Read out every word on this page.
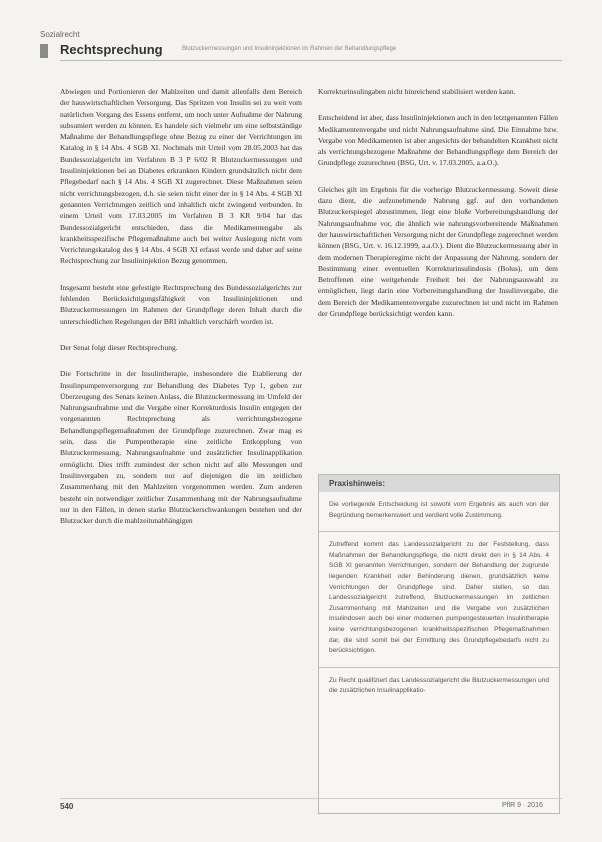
Sozialrecht
Rechtsprechung	Blutzuckermessungen und Insulininjektionen im Rahmen der Behandlungspflege

Abwiegen und Portionieren der Mahlzeiten und damit allenfalls dem Bereich der hauswirtschaftlichen Versorgung. Das Spritzen von Insulin sei zu weit vom natürlichen Vorgang des Essens entfernt, um noch unter Aufnahme der Nahrung subsumiert werden zu können. Es handele sich vielmehr um eine selbstständige Maßnahme der Behandlungspflege ohne Bezug zu einer der Verrichtungen im Katalog in § 14 Abs. 4 SGB XI. Nochmals mit Urteil vom 28.05.2003 hat das Bundessozialgericht im Verfahren B 3 P 6/02 R Blutzuckermessungen und Insulininjektionen bei an Diabetes erkrankten Kindern grundsätzlich nicht dem Pflegebedarf nach § 14 Abs. 4 SGB XI zugerechnet. Diese Maßnahmen seien nicht verrichtungsbezogen, d.h. sie seien nicht einer der in § 14 Abs. 4 SGB XI genannten Verrichtungen zeitlich und inhaltlich nicht zwingend verbunden. In einem Urteil vom 17.03.2005 im Verfahren B 3 KR 9/04 hat das Bundessozialgericht entschieden, dass die Medikamentengabe als krankheitsspezifische Pflegemaßnahme auch bei weiter Auslegung nicht vom Verrichtungskatalog des § 14 Abs. 4 SGB XI erfasst werde und daher auf seine Rechtsprechung zur Insulininjektion Bezug genommen.

Insgesamt besteht eine gefestigte Rechtsprechung des Bundessozialgerichts zur fehlenden Berücksichtigungsfähigkeit von Insulininjektionen und Blutzuckermessungen im Rahmen der Grundpflege deren Inhalt durch die unterschiedlichen Regelungen der BRI inhaltlich verschärft worden ist.

Der Senat folgt dieser Rechtsprechung.

Die Fortschritte in der Insulintherapie, insbesondere die Etablierung der Insulinpumpenversorgung zur Behandlung des Diabetes Typ 1, geben zur Überzeugung des Senats keinen Anlass, die Blutzuckermessung im Umfeld der Nahrungsaufnahme und die Vergabe einer Korrekturdosis Insulin entgegen der vorgenannten Rechtsprechung als verrichtungsbezogene Behandlungspflegemaßnahmen der Grundpflege zuzurechnen. Zwar mag es sein, dass die Pumpentherapie eine zeitliche Entkopplung von Blutzuckermessung, Nahrungsaufnahme und zusätzlicher Insulinapplikation ermöglicht. Dies trifft zumindest der schon nicht auf alle Messungen und Insulinvergaben zu, sondern nur auf diejenigen die im zeitlichen Zusammenhang mit den Mahlzeiten vorgenommen werden. Zum anderen besteht ein notwendiger zeitlicher Zusammenhang mit der Nahrungsaufnahme nur in den Fällen, in denen starke Blutzuckerschwankungen bestehen und der Blutzucker durch die mahlzeitunabhängigen

Korrekturinsulingaben nicht hinreichend stabilisiert werden kann.

Entscheidend ist aber, dass Insulininjektionen auch in den letztgenannten Fällen Medikamentenvergabe und nicht Nahrungsaufnahme sind. Die Einnahme bzw. Vergabe von Medikamenten ist aber angesichts der behandelten Krankheit nicht als verrichtungsbezogene Maßnahme der Behandlungspflege dem Bereich der Grundpflege zuzurechnen (BSG, Urt. v. 17.03.2005, a.a.O.).

Gleiches gilt im Ergebnis für die vorherige Blutzuckermessung. Soweit diese dazu dient, die aufzunehmende Nahrung ggf. auf den vorhandenen Blutzuckerspiegel abzustimmen, liegt eine bloße Vorbereitungshandlung der Nahrungsaufnahme vor, die ähnlich wie nahrungsvorbereitende Maßnahmen der hauswirtschaftlichen Versorgung nicht der Grundpflege zugerechnet werden können (BSG, Urt. v. 16.12.1999, a.a.O.). Dient die Blutzuckermessung aber in dem modernen Therapieregime nicht der Anpassung der Nahrung, sondern der Bestimmung einer eventuellen Korrekturinsulindosis (Bolus), um dem Betroffenen eine weitgehende Freiheit bei der Nahrungsauswahl zu ermöglichen, liegt darin eine Vorbereitungshandlung der Insulinvergabe, die dem Bereich der Medikamentenvergabe zuzurechnen ist und nicht im Rahmen der Grundpflege berücksichtigt werden kann.

Praxishinweis:

Die vorliegende Entscheidung ist sowohl vom Ergebnis als auch von der Begründung bemerkenswert und verdient volle Zustimmung.

Zutreffend kommt das Landessozialgericht zu der Feststellung, dass Maßnahmen der Behandlungspflege, die nicht direkt den in § 14 Abs. 4 SGB XI genannten Verrichtungen, sondern der Behandlung der zugrunde liegenden Krankheit oder Behinderung dienen, grundsätzlich keine Verrichtungen der Grundpflege sind. Daher stellen, so das Landessozialgericht zutreffend, Blutzuckermessungen im zeitlichen Zusammenhang mit Mahlzeiten und die Vergabe von zusätzlichen Insulindosen auch bei einer modernen pumpengesteuerten Insulintherapie keine verrichtungsbezogenen krankheitsspezifischen Pflegemaßnahmen dar, die sind somit bei der Ermittlung des Grundpflegebedarfs nicht zu berücksichtigen.

Zu Recht qualifiziert das Landessozialgericht die Blutzuckermessungen und die zusätzlichen Insulinapplikatio-

540	PflR 9 · 2016
